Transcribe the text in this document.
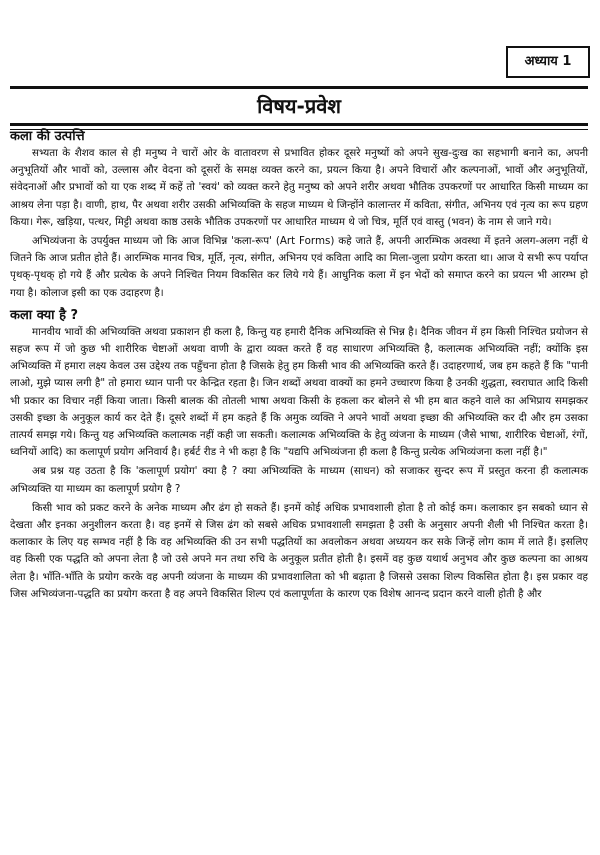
अध्याय 1
विषय-प्रवेश
कला की उत्पत्ति

सभ्यता के शैशव काल से ही मनुष्य ने चारों ओर के वातावरण से प्रभावित होकर दूसरे मनुष्यों को अपने सुख-दुःख का सहभागी बनाने का, अपनी अनुभूतियों और भावों को, उल्लास और वेदना को दूसरों के समक्ष व्यक्त करने का, प्रयत्न किया है। अपने विचारों और कल्पनाओं, भावों और अनुभूतियों, संवेदनाओं और प्रभावों को या एक शब्द में कहें तो 'स्वयं' को व्यक्त करने हेतु मनुष्य को अपने शरीर अथवा भौतिक उपकरणों पर आधारित किसी माध्यम का आश्रय लेना पड़ा है। वाणी, हाथ, पैर अथवा शरीर उसकी अभिव्यक्ति के सहज माध्यम थे जिन्होंने कालान्तर में कविता, संगीत, अभिनय एवं नृत्य का रूप ग्रहण किया। गेरू, खड़िया, पत्थर, मिट्टी अथवा काष्ठ उसके भौतिक उपकरणों पर आधारित माध्यम थे जो चित्र, मूर्ति एवं वास्तु (भवन) के नाम से जाने गये।

अभिव्यंजना के उपर्युक्त माध्यम जो कि आज विभिन्न 'कला-रूप' (Art Forms) कहे जाते हैं, अपनी आरम्भिक अवस्था में इतने अलग-अलग नहीं थे जितने कि आज प्रतीत होते हैं। आरम्भिक मानव चित्र, मूर्ति, नृत्य, संगीत, अभिनय एवं कविता आदि का मिला-जुला प्रयोग करता था। आज ये सभी रूप पर्याप्त पृथक्-पृथक् हो गये हैं और प्रत्येक के अपने निश्चित नियम विकसित कर लिये गये हैं। आधुनिक कला में इन भेदों को समाप्त करने का प्रयत्न भी आरम्भ हो गया है। कोलाज इसी का एक उदाहरण है।

कला क्या है ?

मानवीय भावों की अभिव्यक्ति अथवा प्रकाशन ही कला है, किन्तु यह हमारी दैनिक अभिव्यक्ति से भिन्न है। दैनिक जीवन में हम किसी निश्चित प्रयोजन से सहज रूप में जो कुछ भी शारीरिक चेष्टाओं अथवा वाणी के द्वारा व्यक्त करते हैं वह साधारण अभिव्यक्ति है, कलात्मक अभिव्यक्ति नहीं; क्योंकि इस अभिव्यक्ति में हमारा लक्ष्य केवल उस उद्देश्य तक पहुँचना होता है जिसके हेतु हम किसी भाव की अभिव्यक्ति करते हैं। उदाहरणार्थ, जब हम कहते हैं कि "पानी लाओ, मुझे प्यास लगी है" तो हमारा ध्यान पानी पर केन्द्रित रहता है। जिन शब्दों अथवा वाक्यों का हमने उच्चारण किया है उनकी शुद्धता, स्वराघात आदि किसी भी प्रकार का विचार नहीं किया जाता। किसी बालक की तोतली भाषा अथवा किसी के हकला कर बोलने से भी हम बात कहने वाले का अभिप्राय समझकर उसकी इच्छा के अनुकूल कार्य कर देते हैं। दूसरे शब्दों में हम कहते हैं कि अमुक व्यक्ति ने अपने भावों अथवा इच्छा की अभिव्यक्ति कर दी और हम उसका तात्पर्य समझ गये। किन्तु यह अभिव्यक्ति कलात्मक नहीं कही जा सकती। कलात्मक अभिव्यक्ति के हेतु व्यंजना के माध्यम (जैसे भाषा, शारीरिक चेष्टाओं, रंगों, ध्वनियों आदि) का कलापूर्ण प्रयोग अनिवार्य है। हर्बर्ट रीड ने भी कहा है कि "यद्यपि अभिव्यंजना ही कला है किन्तु प्रत्येक अभिव्यंजना कला नहीं है।"

अब प्रश्न यह उठता है कि 'कलापूर्ण प्रयोग' क्या है ? क्या अभिव्यक्ति के माध्यम (साधन) को सजाकर सुन्दर रूप में प्रस्तुत करना ही कलात्मक अभिव्यक्ति या माध्यम का कलापूर्ण प्रयोग है ?

किसी भाव को प्रकट करने के अनेक माध्यम और ढंग हो सकते हैं। इनमें कोई अधिक प्रभावशाली होता है तो कोई कम। कलाकार इन सबको ध्यान से देखता और इनका अनुशीलन करता है। वह इनमें से जिस ढंग को सबसे अधिक प्रभावशाली समझता है उसी के अनुसार अपनी शैली भी निश्चित करता है। कलाकार के लिए यह सम्भव नहीं है कि वह अभिव्यक्ति की उन सभी पद्धतियों का अवलोकन अथवा अध्ययन कर सके जिन्हें लोग काम में लाते हैं। इसलिए वह किसी एक पद्धति को अपना लेता है जो उसे अपने मन तथा रुचि के अनुकूल प्रतीत होती है। इसमें वह कुछ यथार्थ अनुभव और कुछ कल्पना का आश्रय लेता है। भाँति-भाँति के प्रयोग करके वह अपनी व्यंजना के माध्यम की प्रभावशालिता को भी बढ़ाता है जिससे उसका शिल्प विकसित होता है। इस प्रकार वह जिस अभिव्यंजना-पद्धति का प्रयोग करता है वह अपने विकसित शिल्प एवं कलापूर्णता के कारण एक विशेष आनन्द प्रदान करने वाली होती है और
